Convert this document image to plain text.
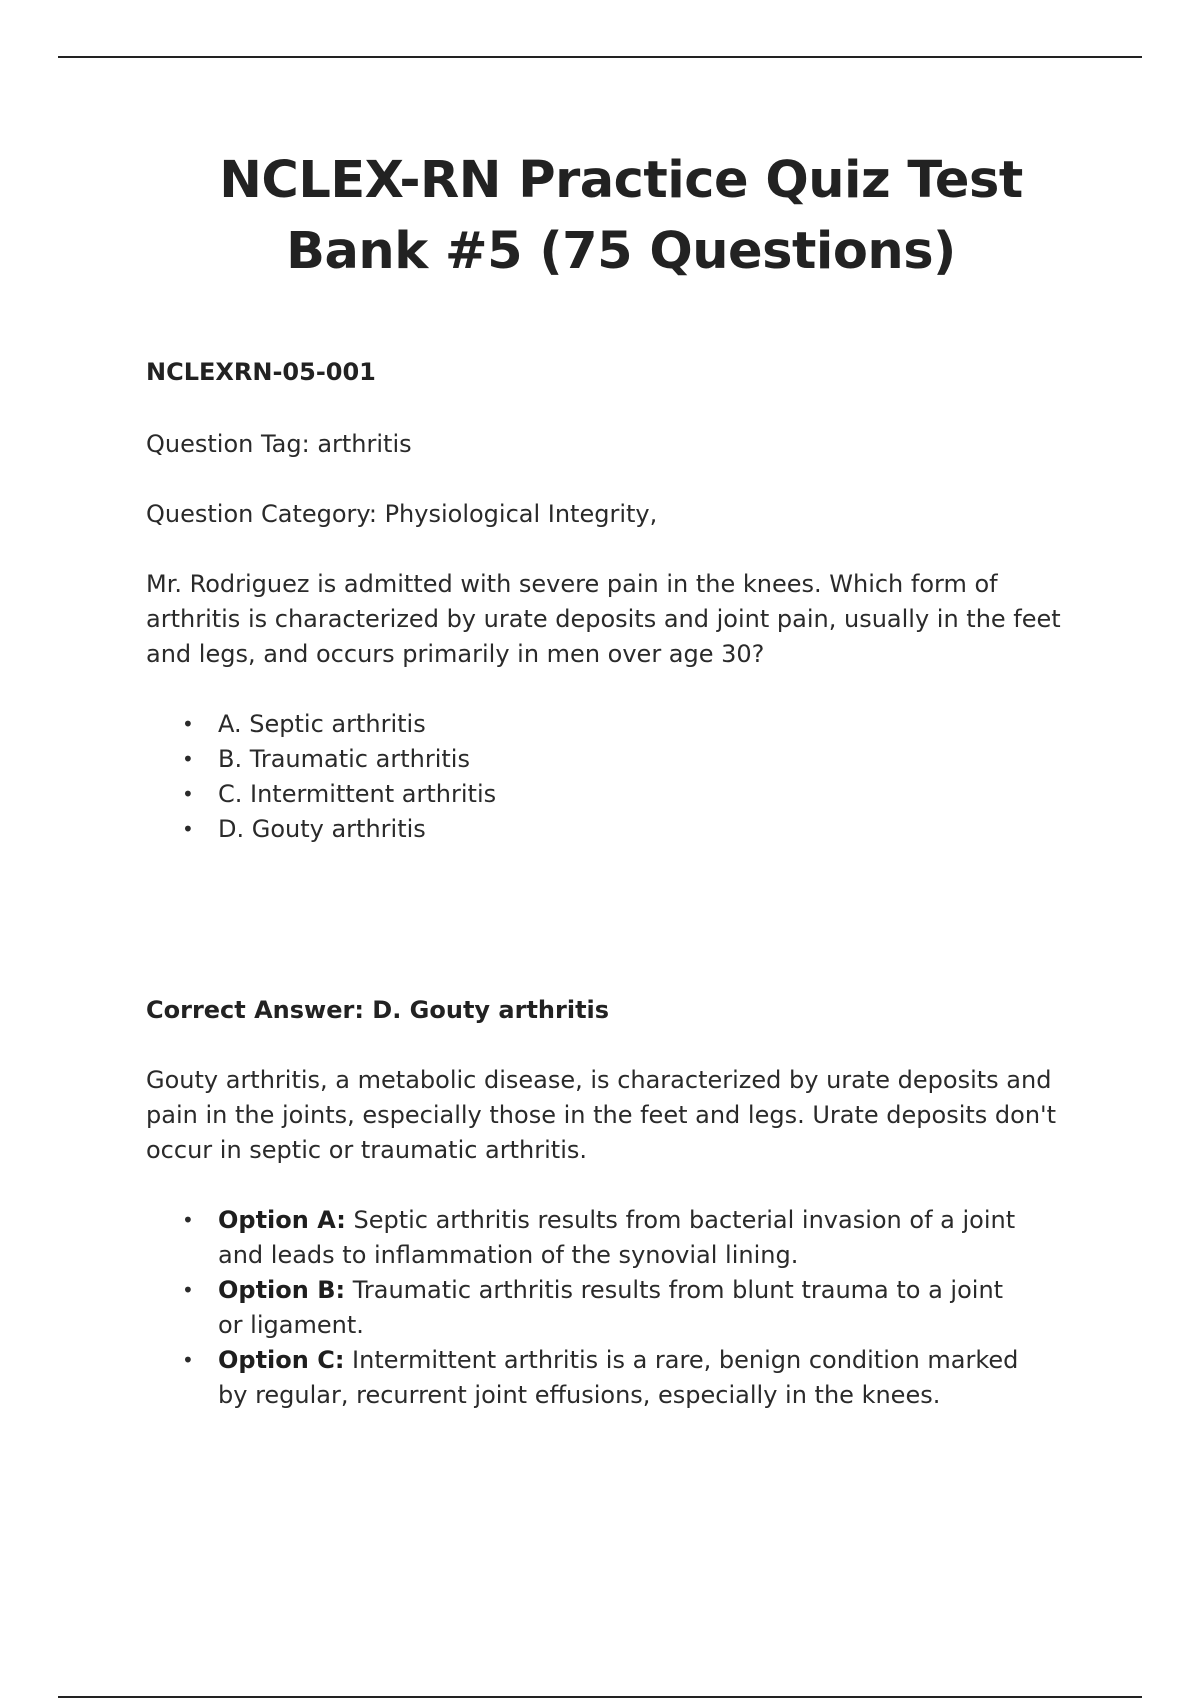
NCLEX-RN Practice Quiz Test Bank #5 (75 Questions)

NCLEXRN-05-001

Question Tag: arthritis

Question Category: Physiological Integrity,

Mr. Rodriguez is admitted with severe pain in the knees. Which form of arthritis is characterized by urate deposits and joint pain, usually in the feet and legs, and occurs primarily in men over age 30?

• A. Septic arthritis
• B. Traumatic arthritis
• C. Intermittent arthritis
• D. Gouty arthritis

Correct Answer: D. Gouty arthritis

Gouty arthritis, a metabolic disease, is characterized by urate deposits and pain in the joints, especially those in the feet and legs. Urate deposits don't occur in septic or traumatic arthritis.

• Option A: Septic arthritis results from bacterial invasion of a joint and leads to inflammation of the synovial lining.
• Option B: Traumatic arthritis results from blunt trauma to a joint or ligament.
• Option C: Intermittent arthritis is a rare, benign condition marked by regular, recurrent joint effusions, especially in the knees.
